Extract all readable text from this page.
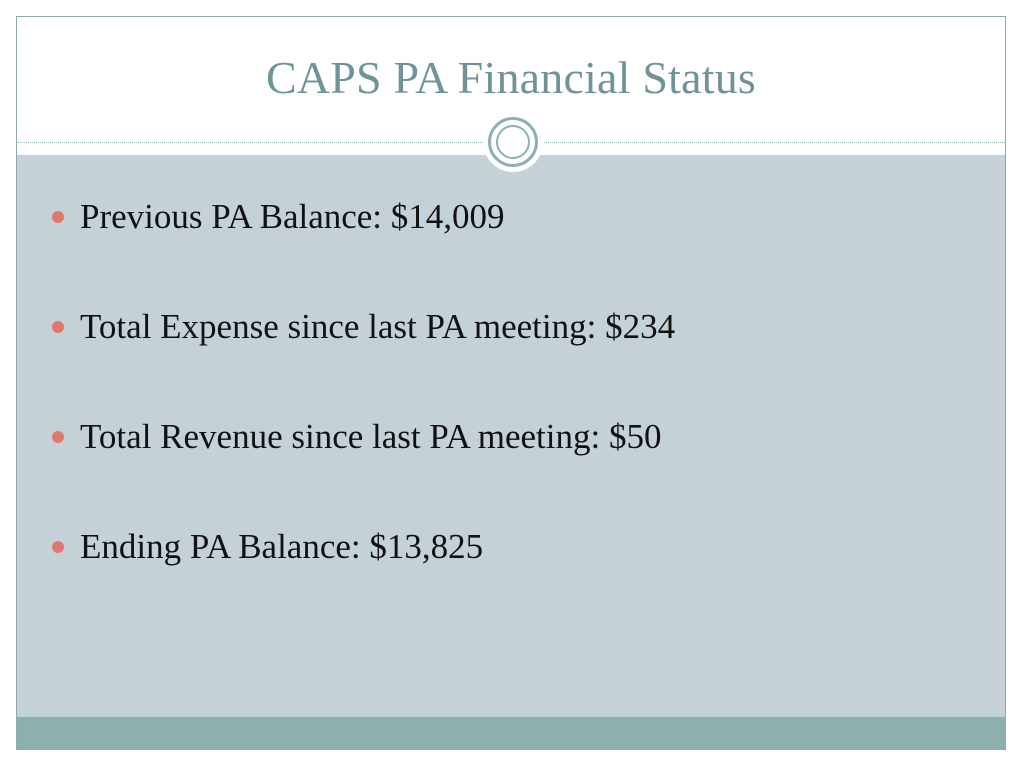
CAPS PA Financial Status
Previous PA Balance: $14,009
Total Expense since last PA meeting: $234
Total Revenue since last PA meeting: $50
Ending PA Balance: $13,825
